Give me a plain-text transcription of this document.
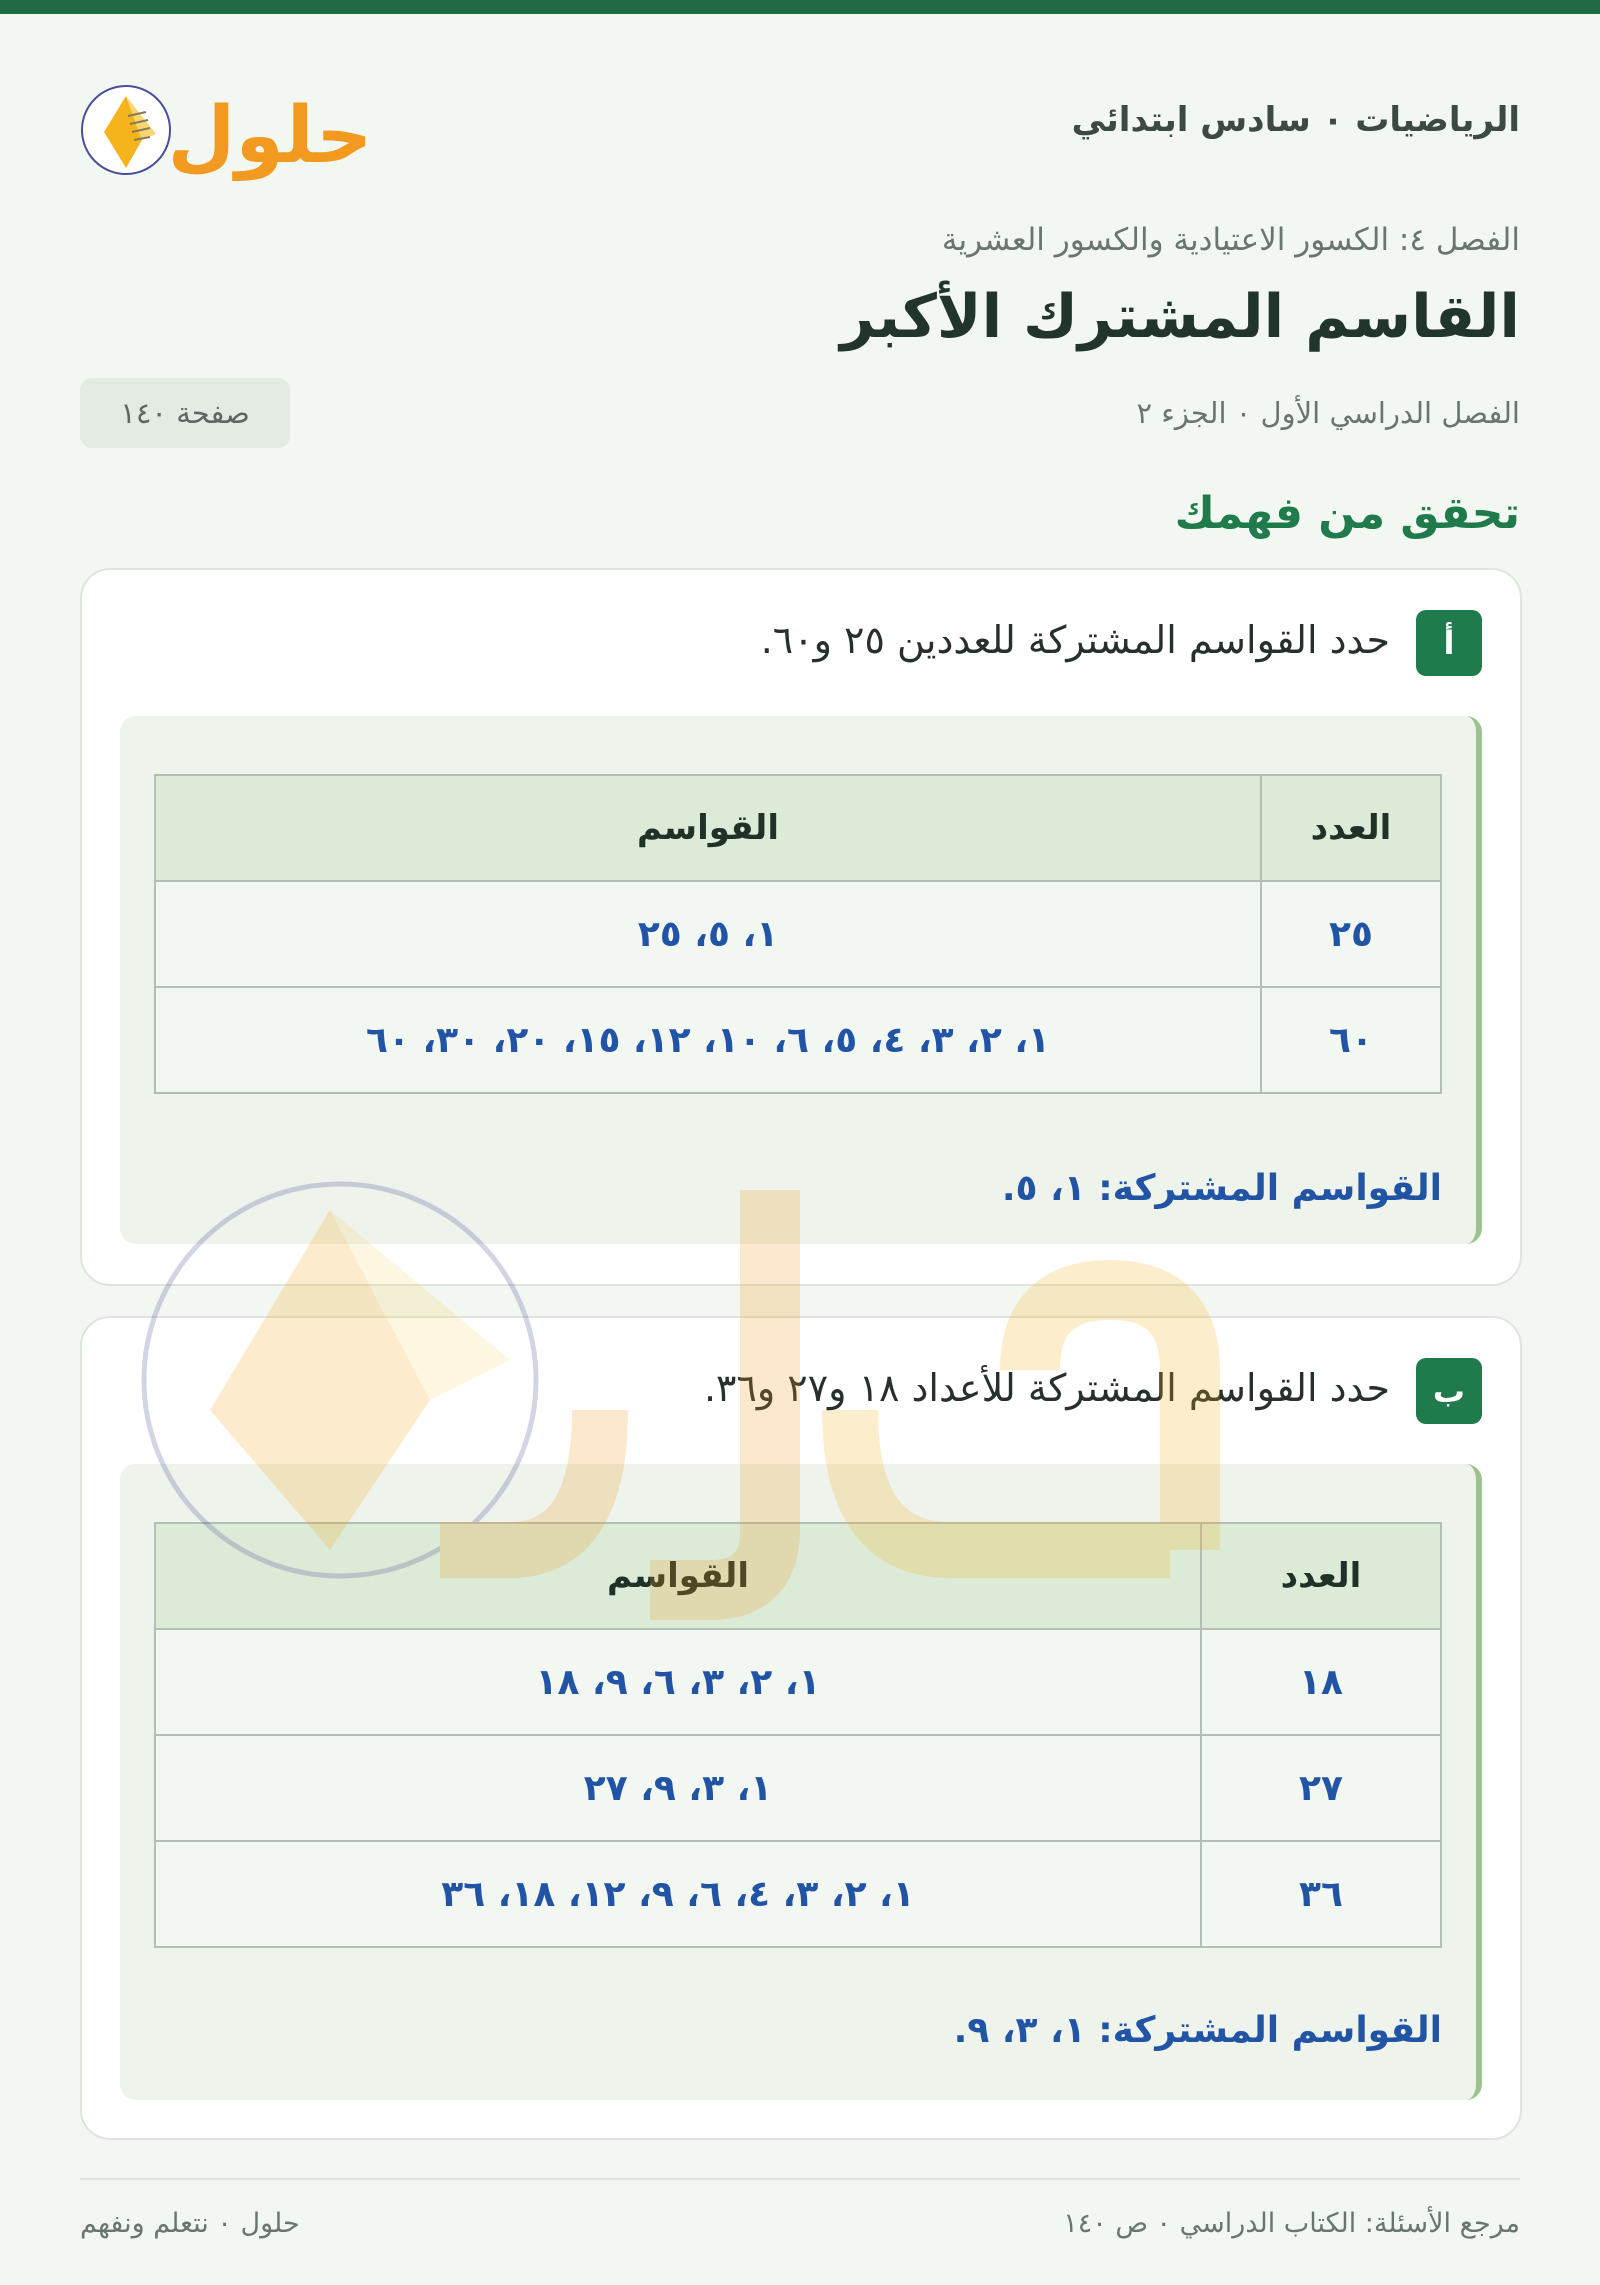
الرياضيات ۰ سادس ابتدائي
حلول
الفصل ٤: الكسور الاعتيادية والكسور العشرية
القاسم المشترك الأكبر
الفصل الدراسي الأول ۰ الجزء ٢
صفحة ١٤٠
تحقق من فهمك
أ
حدد القواسم المشتركة للعددين ٢٥ و٦٠.
العدد	القواسم
٢٥	١، ٥، ٢٥
٦٠	١، ٢، ٣، ٤، ٥، ٦، ١٠، ١٢، ١٥، ٢٠، ٣٠، ٦٠
القواسم المشتركة: ١، ٥.
ب
حدد القواسم المشتركة للأعداد ١٨ و٢٧ و٣٦.
العدد	القواسم
١٨	١، ٢، ٣، ٦، ٩، ١٨
٢٧	١، ٣، ٩، ٢٧
٣٦	١، ٢، ٣، ٤، ٦، ٩، ١٢، ١٨، ٣٦
القواسم المشتركة: ١، ٣، ٩.
مرجع الأسئلة: الكتاب الدراسي ۰ ص ١٤٠
حلول ۰ نتعلم ونفهم
